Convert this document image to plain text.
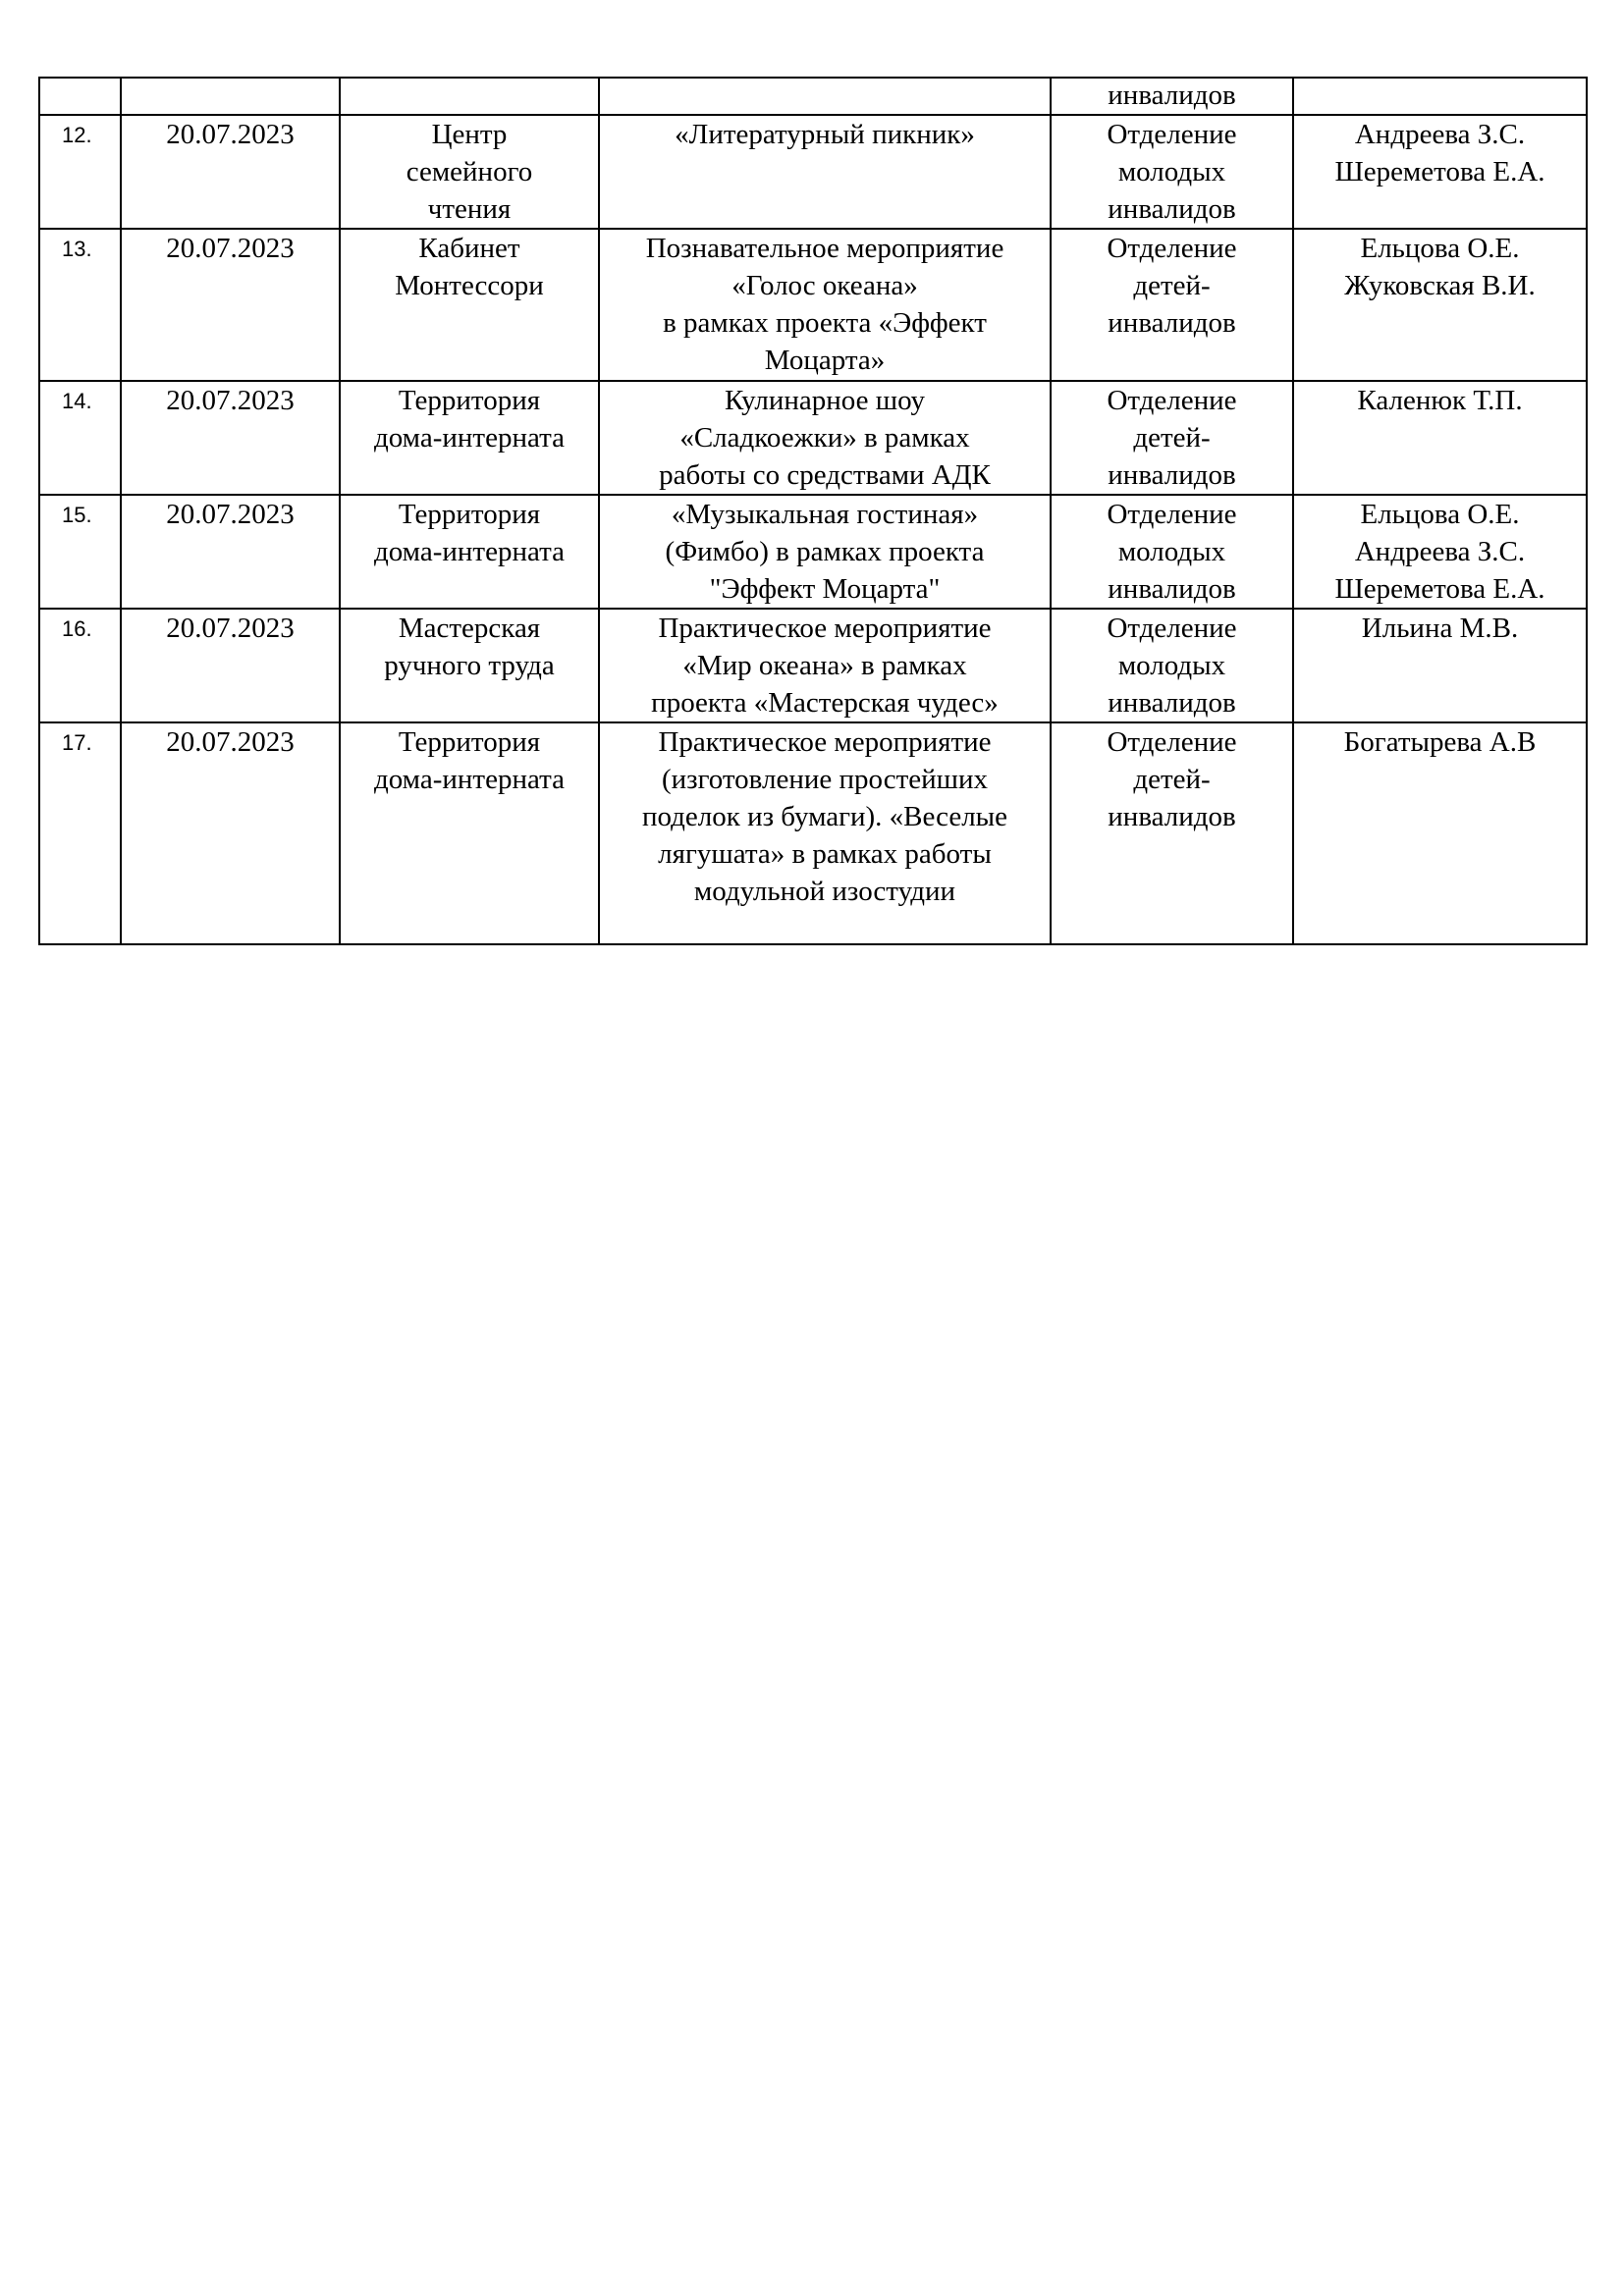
				инвалидов	
12.	20.07.2023	Центр
семейного
чтения	«Литературный пикник»	Отделение
молодых
инвалидов	Андреева З.С.
Шереметова Е.А.

13.	20.07.2023	Кабинет
Монтессори	Познавательное мероприятие
«Голос океана»
в рамках проекта «Эффект
Моцарта»	Отделение
детей-
инвалидов	Ельцова О.Е.
Жуковская В.И.

14.	20.07.2023	Территория
дома-интерната	Кулинарное шоу
«Сладкоежки» в рамках
работы со средствами АДК	Отделение
детей-
инвалидов	Каленюк Т.П.

15.	20.07.2023	Территория
дома-интерната	«Музыкальная гостиная»
(Фимбо) в рамках проекта
"Эффект Моцарта"	Отделение
молодых
инвалидов	Ельцова О.Е.
Андреева З.С.
Шереметова Е.А.

16.	20.07.2023	Мастерская
ручного труда	Практическое мероприятие
«Мир океана» в рамках
проекта «Мастерская чудес»	Отделение
молодых
инвалидов	Ильина М.В.

17.	20.07.2023	Территория
дома-интерната	Практическое мероприятие
(изготовление простейших
поделок из бумаги). «Веселые
лягушата» в рамках работы
модульной изостудии	Отделение
детей-
инвалидов	Богатырева А.В
